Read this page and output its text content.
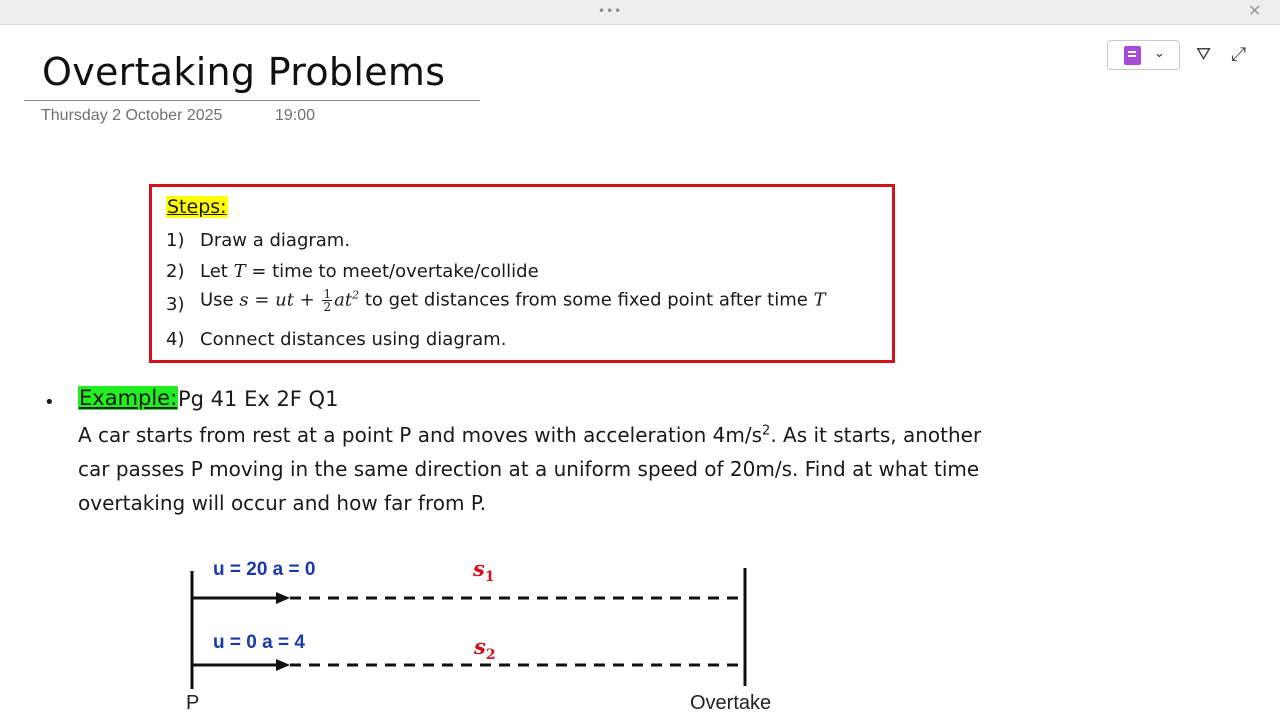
•••	✕
Overtaking Problems
Thursday 2 October 2025	19:00
⌄ ⛛ ⤢
Steps:
1) Draw a diagram.
2) Let T = time to meet/overtake/collide
3) Use s = ut + $\frac{1}{2} at^2$ to get distances from some fixed point after time T
4) Connect distances using diagram.
• Example: Pg 41 Ex 2F Q1
A car starts from rest at a point P and moves with acceleration $4m/s^2$. As it starts, another
car passes P moving in the same direction at a uniform speed of 20m/s. Find at what time
overtaking will occur and how far from P.
u = 20 a = 0
u = 0 a = 4
$s_1$
$s_2$
P	Overtake
